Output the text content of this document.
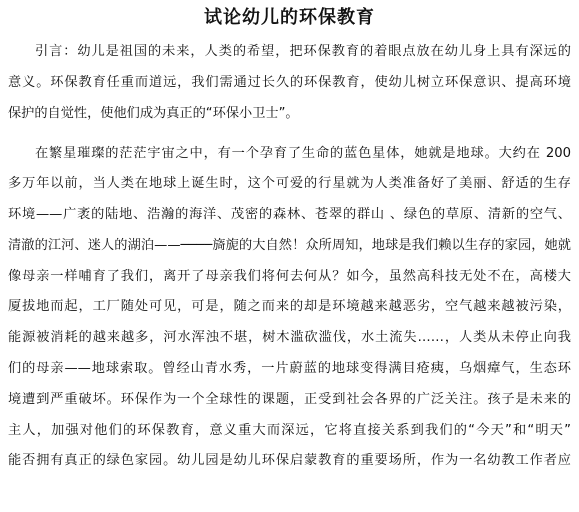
试论幼儿的环保教育
引言：幼儿是祖国的未来，人类的希望，把环保教育的着眼点放在幼儿身上具有深远的
意义。环保教育任重而道远，我们需通过长久的环保教育，使幼儿树立环保意识、提高环境
保护的自觉性，使他们成为真正的“环保小卫士”。
在繁星璀璨的茫茫宇宙之中，有一个孕育了生命的蓝色星体，她就是地球。大约在 200
多万年以前，当人类在地球上诞生时，这个可爱的行星就为人类准备好了美丽、舒适的生存
环境——广袤的陆地、浩瀚的海洋、茂密的森林、苍翠的群山 、绿色的草原、清新的空气、
清澈的江河、迷人的湖泊——────旖旎的大自然！众所周知，地球是我们赖以生存的家园，她就
像母亲一样哺育了我们，离开了母亲我们将何去何从？如今，虽然高科技无处不在，高楼大
厦拔地而起，工厂随处可见，可是，随之而来的却是环境越来越恶劣，空气越来越被污染，
能源被消耗的越来越多，河水浑浊不堪，树木滥砍滥伐，水土流失……，人类从未停止向我
们的母亲——地球索取。曾经山青水秀，一片蔚蓝的地球变得满目疮痍，乌烟瘴气，生态环
境遭到严重破坏。环保作为一个全球性的课题，正受到社会各界的广泛关注。孩子是未来的
主人，加强对他们的环保教育，意义重大而深远，它将直接关系到我们的“今天”和“明天”
能否拥有真正的绿色家园。幼儿园是幼儿环保启蒙教育的重要场所，作为一名幼教工作者应
